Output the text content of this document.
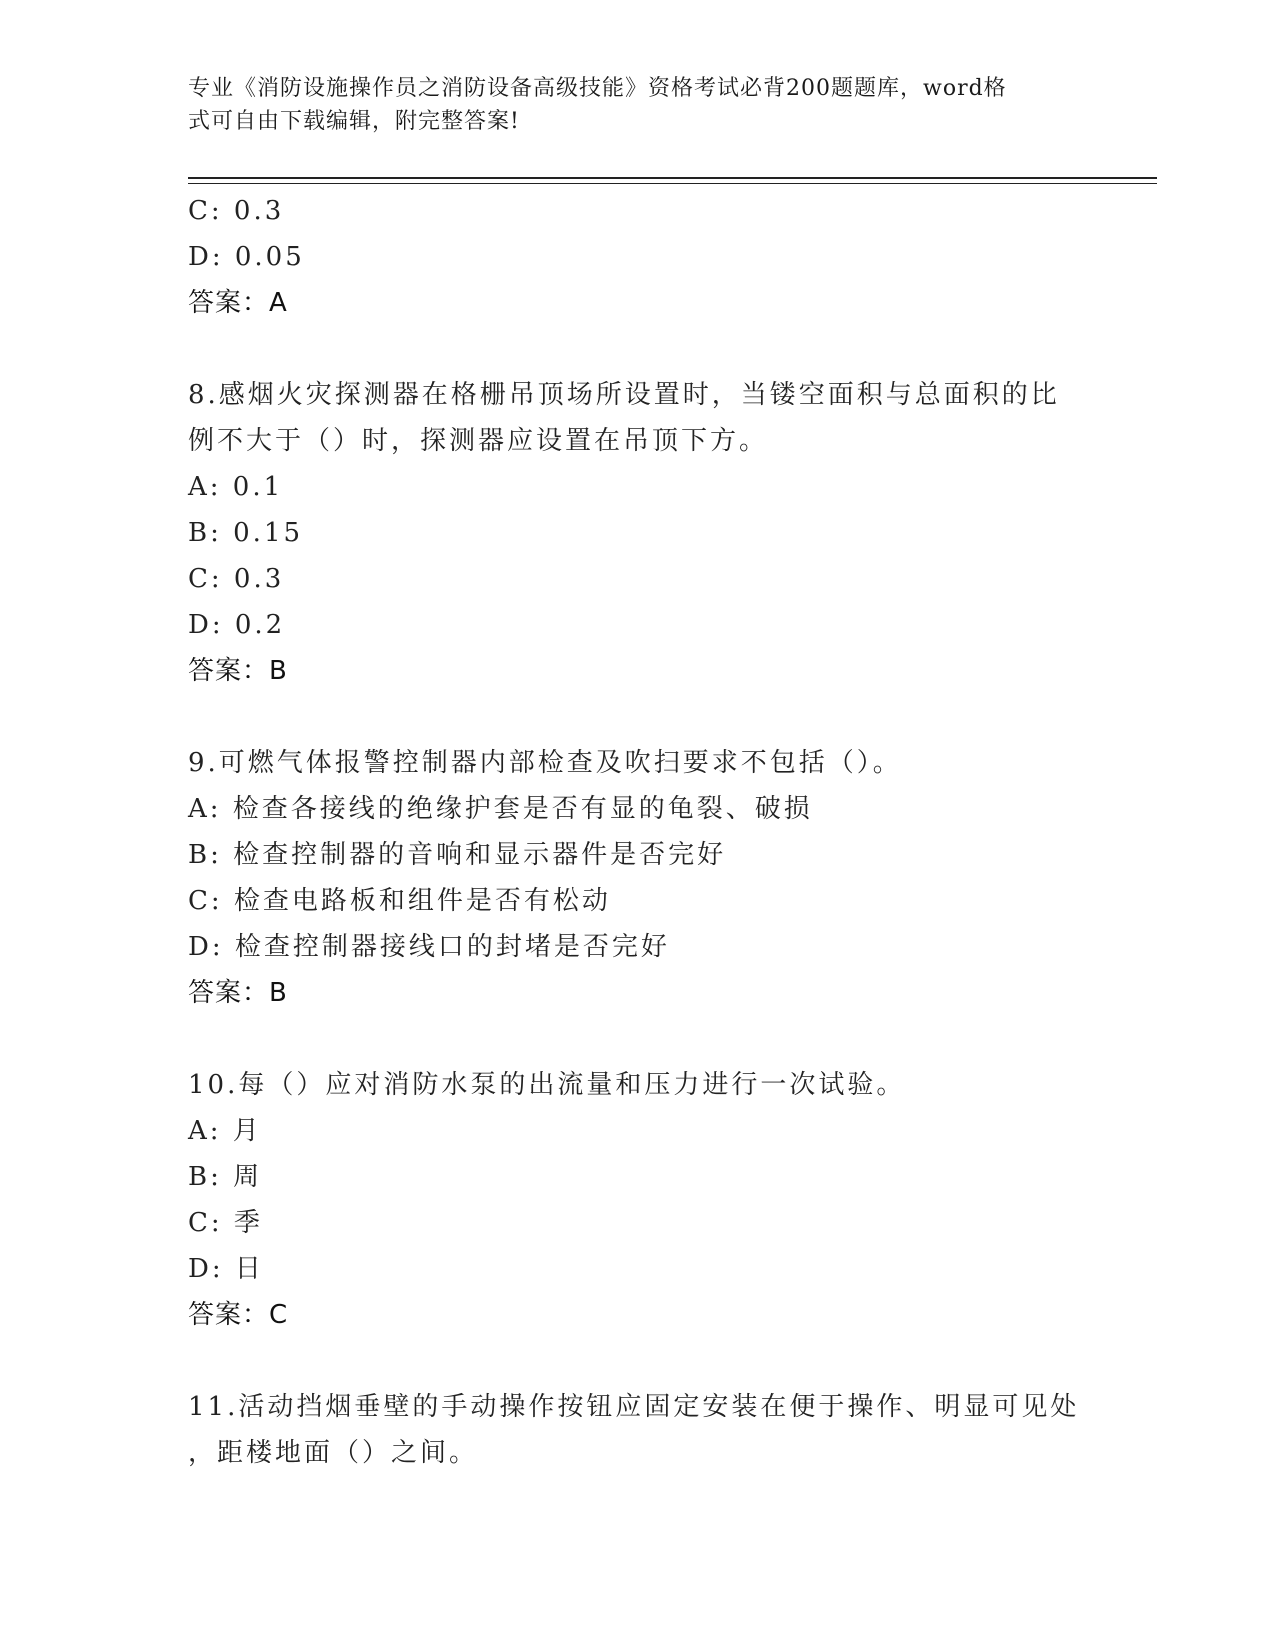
专业《消防设施操作员之消防设备高级技能》资格考试必背200题题库，word格
式可自由下载编辑，附完整答案!
C: 0.3
D: 0.05
答案：A
8.感烟火灾探测器在格栅吊顶场所设置时，当镂空面积与总面积的比
例不大于（）时，探测器应设置在吊顶下方。
A: 0.1
B: 0.15
C: 0.3
D: 0.2
答案：B
9.可燃气体报警控制器内部检查及吹扫要求不包括（）。
A: 检查各接线的绝缘护套是否有显的龟裂、破损
B: 检查控制器的音响和显示器件是否完好
C: 检查电路板和组件是否有松动
D: 检查控制器接线口的封堵是否完好
答案：B
10.每（）应对消防水泵的出流量和压力进行一次试验。
A: 月
B: 周
C: 季
D: 日
答案：C
11.活动挡烟垂壁的手动操作按钮应固定安装在便于操作、明显可见处
，距楼地面（）之间。
